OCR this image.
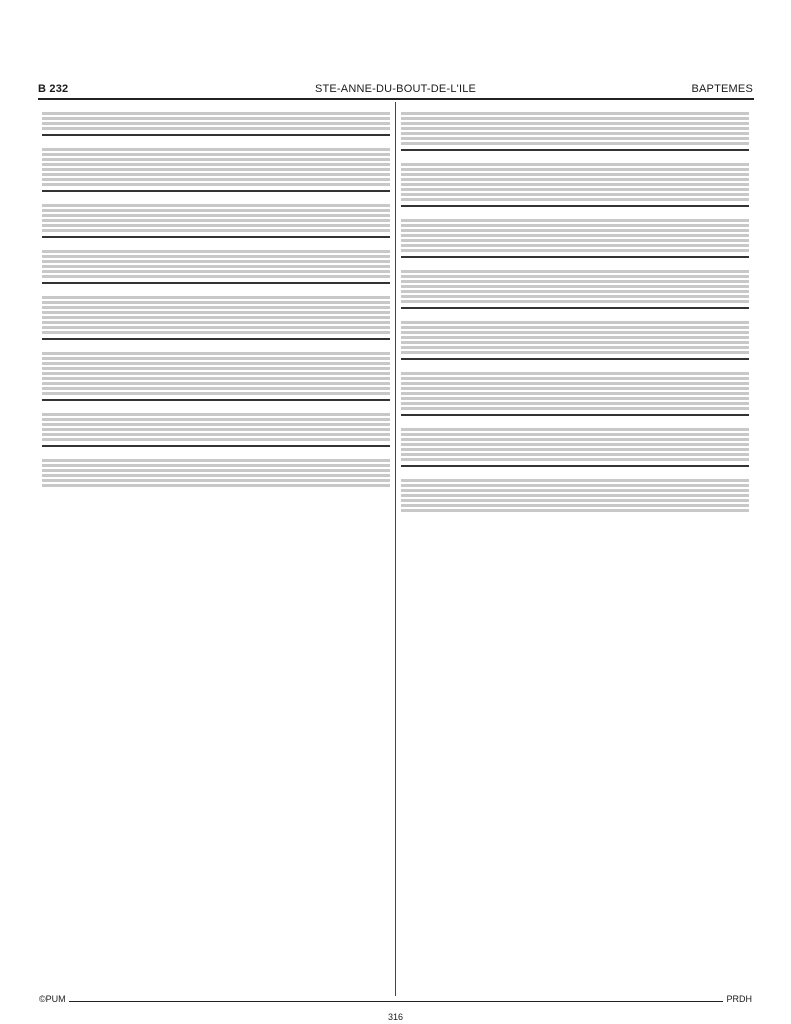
B 232	STE-ANNE-DU-BOUT-DE-L'ILE	BAPTEMES
©PUM	PRDH
316
